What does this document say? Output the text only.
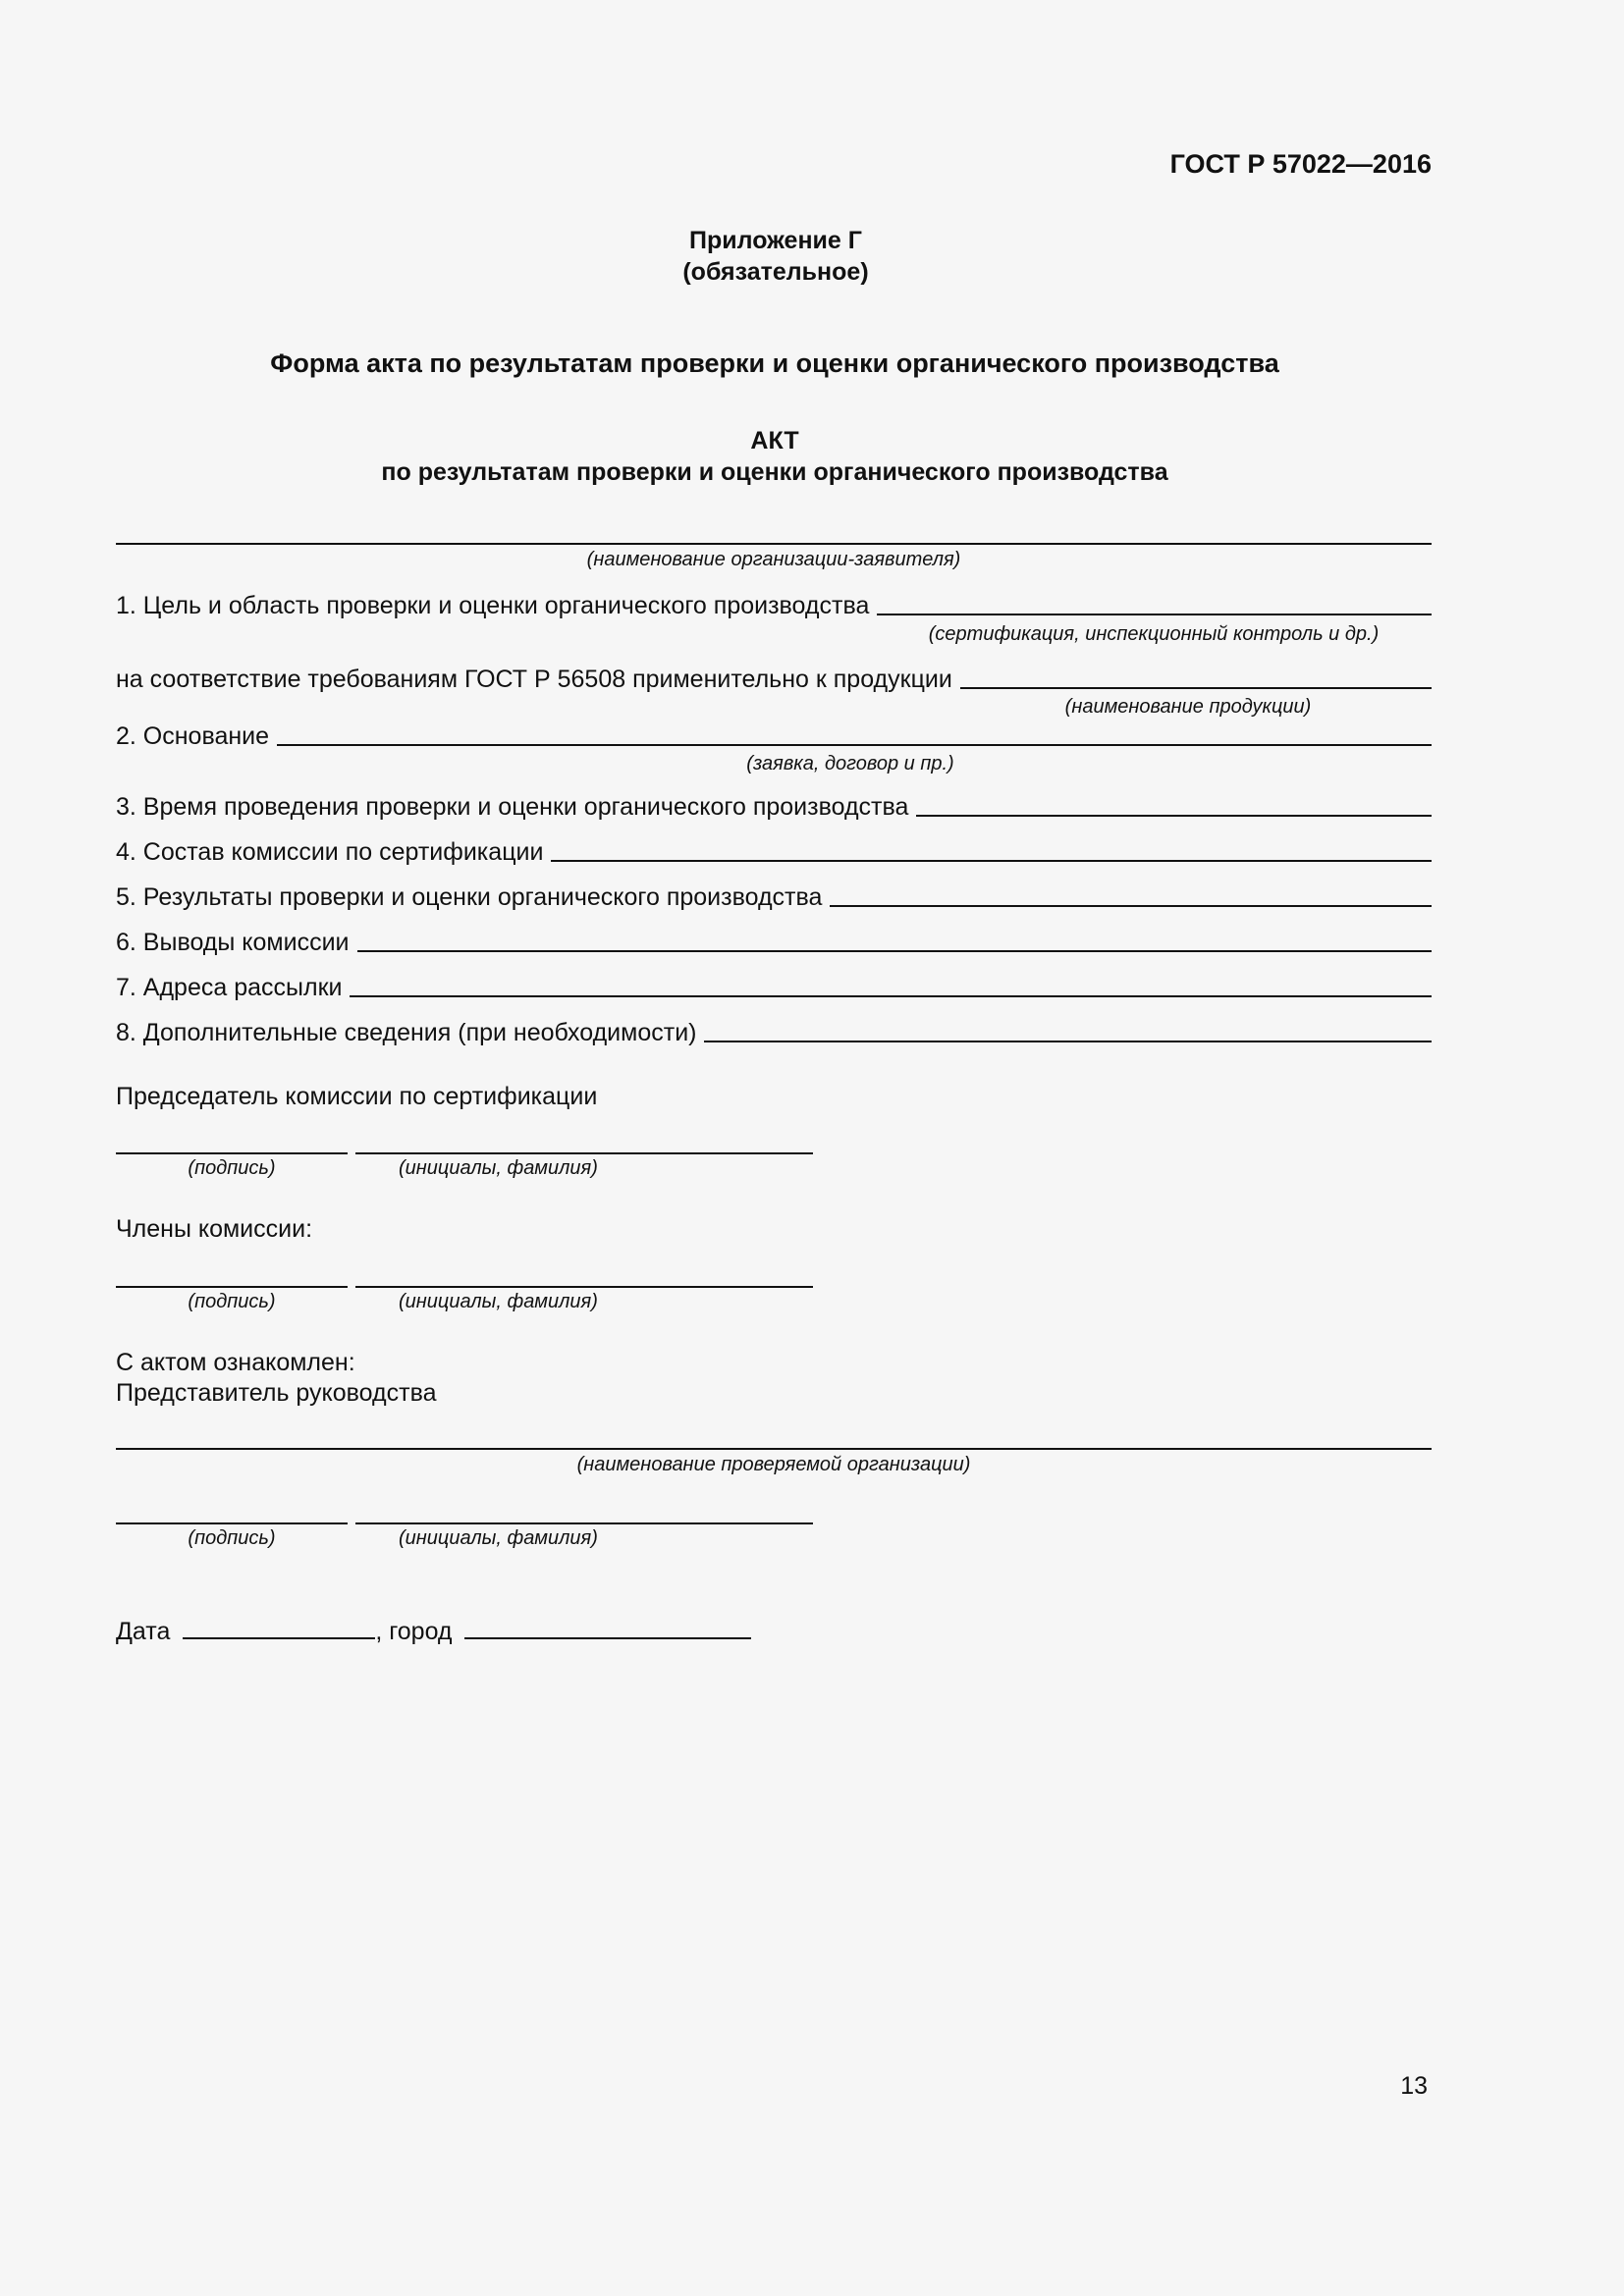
ГОСТ Р 57022—2016
Приложение Г
(обязательное)
Форма акта по результатам проверки и оценки органического производства
АКТ
по результатам проверки и оценки органического производства
(наименование организации-заявителя)
1. Цель и область проверки и оценки органического производства
(сертификация, инспекционный контроль и др.)
на соответствие требованиям ГОСТ Р 56508 применительно к продукции
(наименование продукции)
2. Основание
(заявка, договор и пр.)
3. Время проведения проверки и оценки органического производства
4. Состав комиссии по сертификации
5. Результаты проверки и оценки органического производства
6. Выводы комиссии
7. Адреса рассылки
8. Дополнительные сведения (при необходимости)
Председатель комиссии по сертификации
(подпись)	(инициалы, фамилия)
Члены комиссии:
(подпись)	(инициалы, фамилия)
С актом ознакомлен:
Представитель руководства
(наименование проверяемой организации)
(подпись)	(инициалы, фамилия)
Дата	, город
13
